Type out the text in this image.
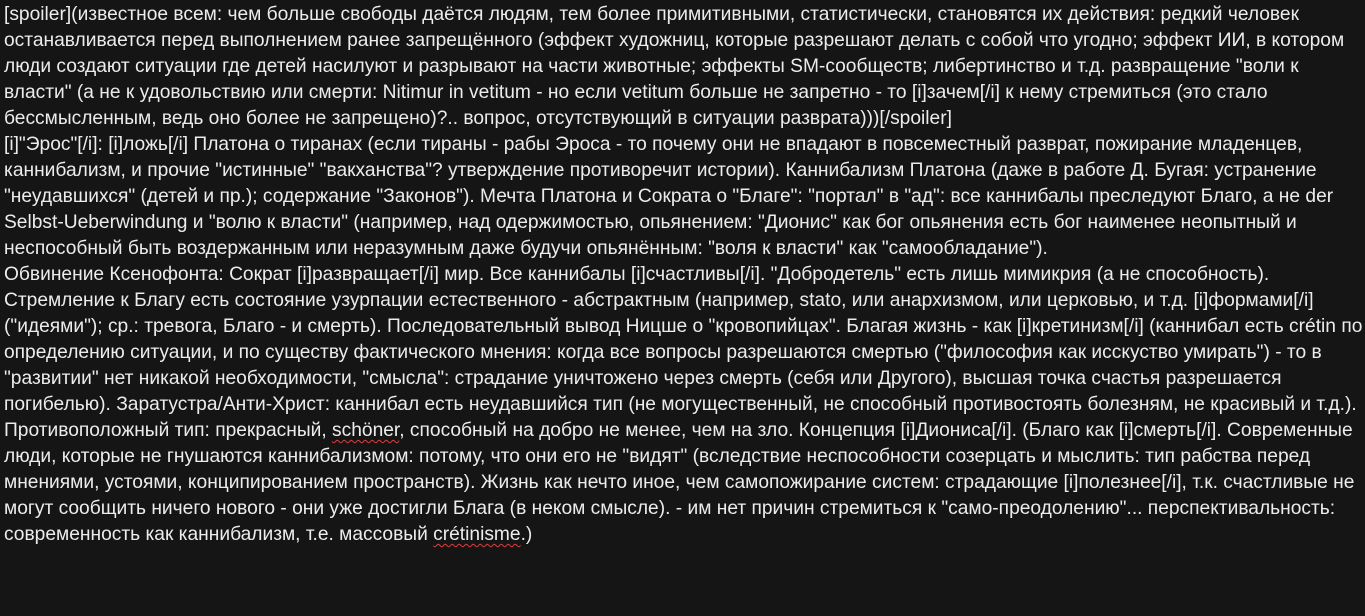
[spoiler](известное всем: чем больше свободы даётся людям, тем более примитивными, статистически, становятся их действия: редкий человек останавливается перед выполнением ранее запрещённого (эффект художниц, которые разрешают делать с собой что угодно; эффект ИИ, в котором люди создают ситуации где детей насилуют и разрывают на части животные; эффекты SM-сообществ; либертинство и т.д. развращение "воли к власти" (а не к удовольствию или смерти: Nitimur in vetitum - но если vetitum больше не запретно - то [i]зачем[/i] к нему стремиться (это стало бессмысленным, ведь оно более не запрещено)?.. вопрос, отсутствующий в ситуации разврата)))[/spoiler]

[i]"Эрос"[/i]: [i]ложь[/i] Платона о тиранах (если тираны - рабы Эроса - то почему они не впадают в повсеместный разврат, пожирание младенцев, каннибализм, и прочие "истинные" "вакханства"? утверждение противоречит истории). Каннибализм Платона (даже в работе Д. Бугая: устранение "неудавшихся" (детей и пр.); содержание "Законов"). Мечта Платона и Сократа о "Благе": "портал" в "ад": все каннибалы преследуют Благо, а не der Selbst-Ueberwindung и "волю к власти" (например, над одержимостью, опьянением: "Дионис" как бог опьянения есть бог наименее неопытный и неспособный быть воздержанным или неразумным даже будучи опьянённым: "воля к власти" как "самообладание").

Обвинение Ксенофонта: Сократ [i]развращает[/i] мир. Все каннибалы [i]счастливы[/i]. "Добродетель" есть лишь мимикрия (а не способность). Стремление к Благу есть состояние узурпации естественного - абстрактным (например, stato, или анархизмом, или церковью, и т.д. [i]формами[/i] ("идеями"); ср.: тревога, Благо - и смерть). Последовательный вывод Ницше о "кровопийцах". Благая жизнь - как [i]кретинизм[/i] (каннибал есть crétin по определению ситуации, и по существу фактического мнения: когда все вопросы разрешаются смертью ("философия как исскуство умирать") - то в "развитии" нет никакой необходимости, "смысла": страдание уничтожено через смерть (себя или Другого), высшая точка счастья разрешается погибелью). Заратустра/Анти-Христ: каннибал есть неудавшийся тип (не могущественный, не способный противостоять болезням, не красивый и т.д.).

Противоположный тип: прекрасный, schöner, способный на добро не менее, чем на зло. Концепция [i]Диониса[/i]. (Благо как [i]смерть[/i]. Современные люди, которые не гнушаются каннибализмом: потому, что они его не "видят" (вследствие неспособности созерцать и мыслить: тип рабства перед мнениями, устоями, конципированием пространств). Жизнь как нечто иное, чем самопожирание систем: страдающие [i]полезнее[/i], т.к. счастливые не могут сообщить ничего нового - они уже достигли Блага (в неком смысле). - им нет причин стремиться к "само-преодолению"... перспективальность: современность как каннибализм, т.е. массовый crétinisme.)
